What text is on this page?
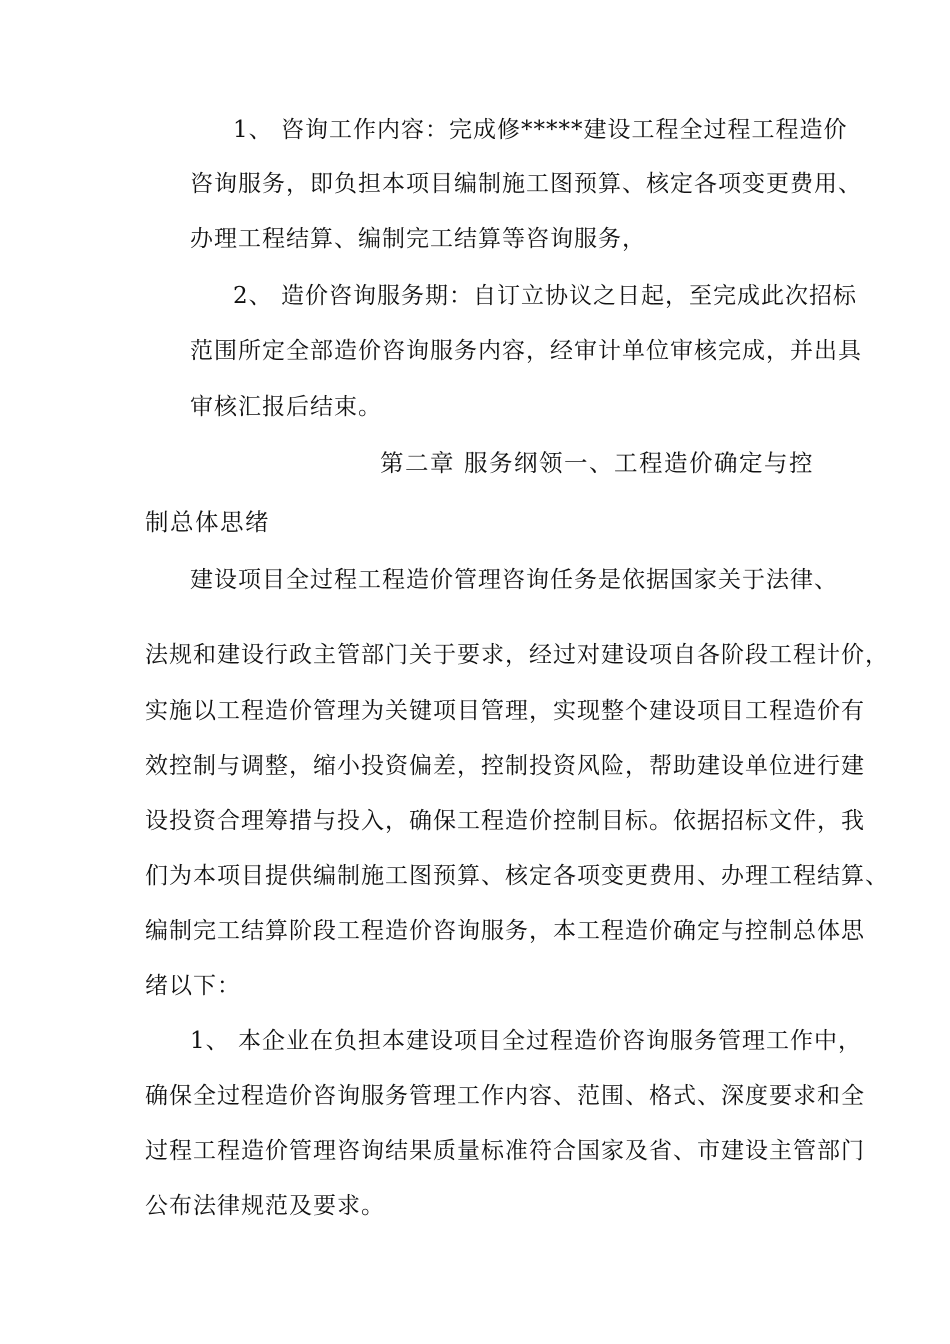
1、 咨询工作内容：完成修*****建设工程全过程工程造价
咨询服务，即负担本项目编制施工图预算、核定各项变更费用、
办理工程结算、编制完工结算等咨询服务，
2、 造价咨询服务期：自订立协议之日起，至完成此次招标
范围所定全部造价咨询服务内容，经审计单位审核完成，并出具
审核汇报后结束。
第二章 服务纲领一、工程造价确定与控
制总体思绪
建设项目全过程工程造价管理咨询任务是依据国家关于法律、
法规和建设行政主管部门关于要求，经过对建设项自各阶段工程计价，
实施以工程造价管理为关键项目管理，实现整个建设项目工程造价有
效控制与调整，缩小投资偏差，控制投资风险，帮助建设单位进行建
设投资合理筹措与投入，确保工程造价控制目标。依据招标文件，我
们为本项目提供编制施工图预算、核定各项变更费用、办理工程结算、
编制完工结算阶段工程造价咨询服务，本工程造价确定与控制总体思
绪以下：
1、 本企业在负担本建设项目全过程造价咨询服务管理工作中，
确保全过程造价咨询服务管理工作内容、范围、格式、深度要求和全
过程工程造价管理咨询结果质量标准符合国家及省、市建设主管部门
公布法律规范及要求。
